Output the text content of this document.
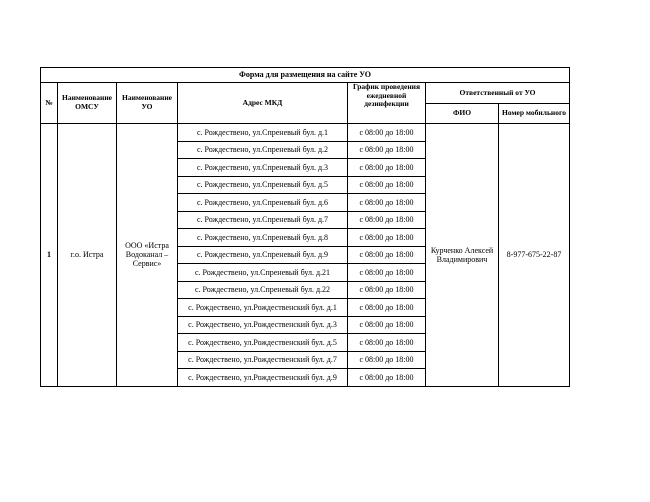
Форма для размещения на сайте УО						
№	Наименование ОМСУ	Наименование УО	Адрес МКД	График проведения ежедневной дезинфекции	Ответственный от УО	
					ФИО	Номер мобильного
1	г.о. Истра	ООО «Истра Водоканал – Сервис»	с. Рождествено, ул.Спреневый бул. д.1	с 08:00 до 18:00	Курченко Алексей Владимирович	8-977-675-22-87
			с. Рождествено, ул.Спреневый бул. д.2	с 08:00 до 18:00		
			с. Рождествено, ул.Спреневый бул. д.3	с 08:00 до 18:00		
			с. Рождествено, ул.Спреневый бул. д.5	с 08:00 до 18:00		
			с. Рождествено, ул.Спреневый бул. д.6	с 08:00 до 18:00		
			с. Рождествено, ул.Спреневый бул. д.7	с 08:00 до 18:00		
			с. Рождествено, ул.Спреневый бул. д.8	с 08:00 до 18:00		
			с. Рождествено, ул.Спреневый бул. д.9	с 08:00 до 18:00		
			с. Рождествено, ул.Спреневый бул. д.21	с 08:00 до 18:00		
			с. Рождествено, ул.Спреневый бул. д.22	с 08:00 до 18:00		
			с. Рождествено, ул.Рождественский бул. д.1	с 08:00 до 18:00		
			с. Рождествено, ул.Рождественский бул. д.3	с 08:00 до 18:00		
			с. Рождествено, ул.Рождественский бул. д.5	с 08:00 до 18:00		
			с. Рождествено, ул.Рождественский бул. д.7	с 08:00 до 18:00		
			с. Рождествено, ул.Рождественский бул. д.9	с 08:00 до 18:00		
